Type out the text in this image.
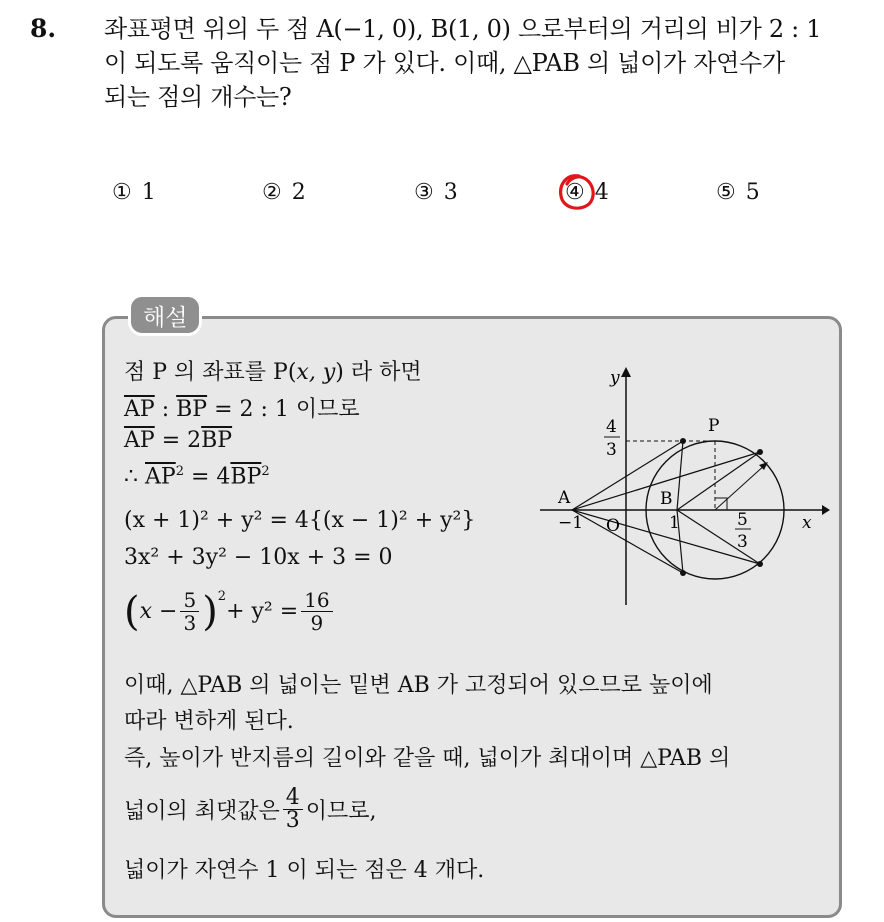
8. 좌표평면 위의 두 점 A(−1, 0), B(1, 0) 으로부터의 거리의 비가 2 : 1
이 되도록 움직이는 점 P 가 있다. 이때, △PAB 의 넓이가 자연수가
되는 점의 개수는?
① 1	② 2	③ 3	④ 4	⑤ 5
해설
점 P 의 좌표를 P(x, y) 라 하면
$\overline{AP}$ : $\overline{BP} = 2$ : 1 이므로
$\overline{AP} = 2\overline{BP}$
∴ $\overline{AP}^2 = 4\overline{BP}^2$
(x + 1)² + y² = 4{(x − 1)² + y²}
3x² + 3y² − 10x + 3 = 0
( $x - \frac{5}{3} )^2$
+ $y^2 = \frac{16}{9}$
이때, △PAB 의 넓이는 밑변 AB 가 고정되어 있으므로 높이에
따라 변하게 된다.
즉, 높이가 반지름의 길이와 같을 때, 넓이가 최대이며 △PAB 의
넓이의 최댓값은 $\frac{4}{3}$ 이므로,
넓이가 자연수 1 이 되는 점은 4 개다.
y
x
A	B
P
O
−1	1
4
3
5
3
